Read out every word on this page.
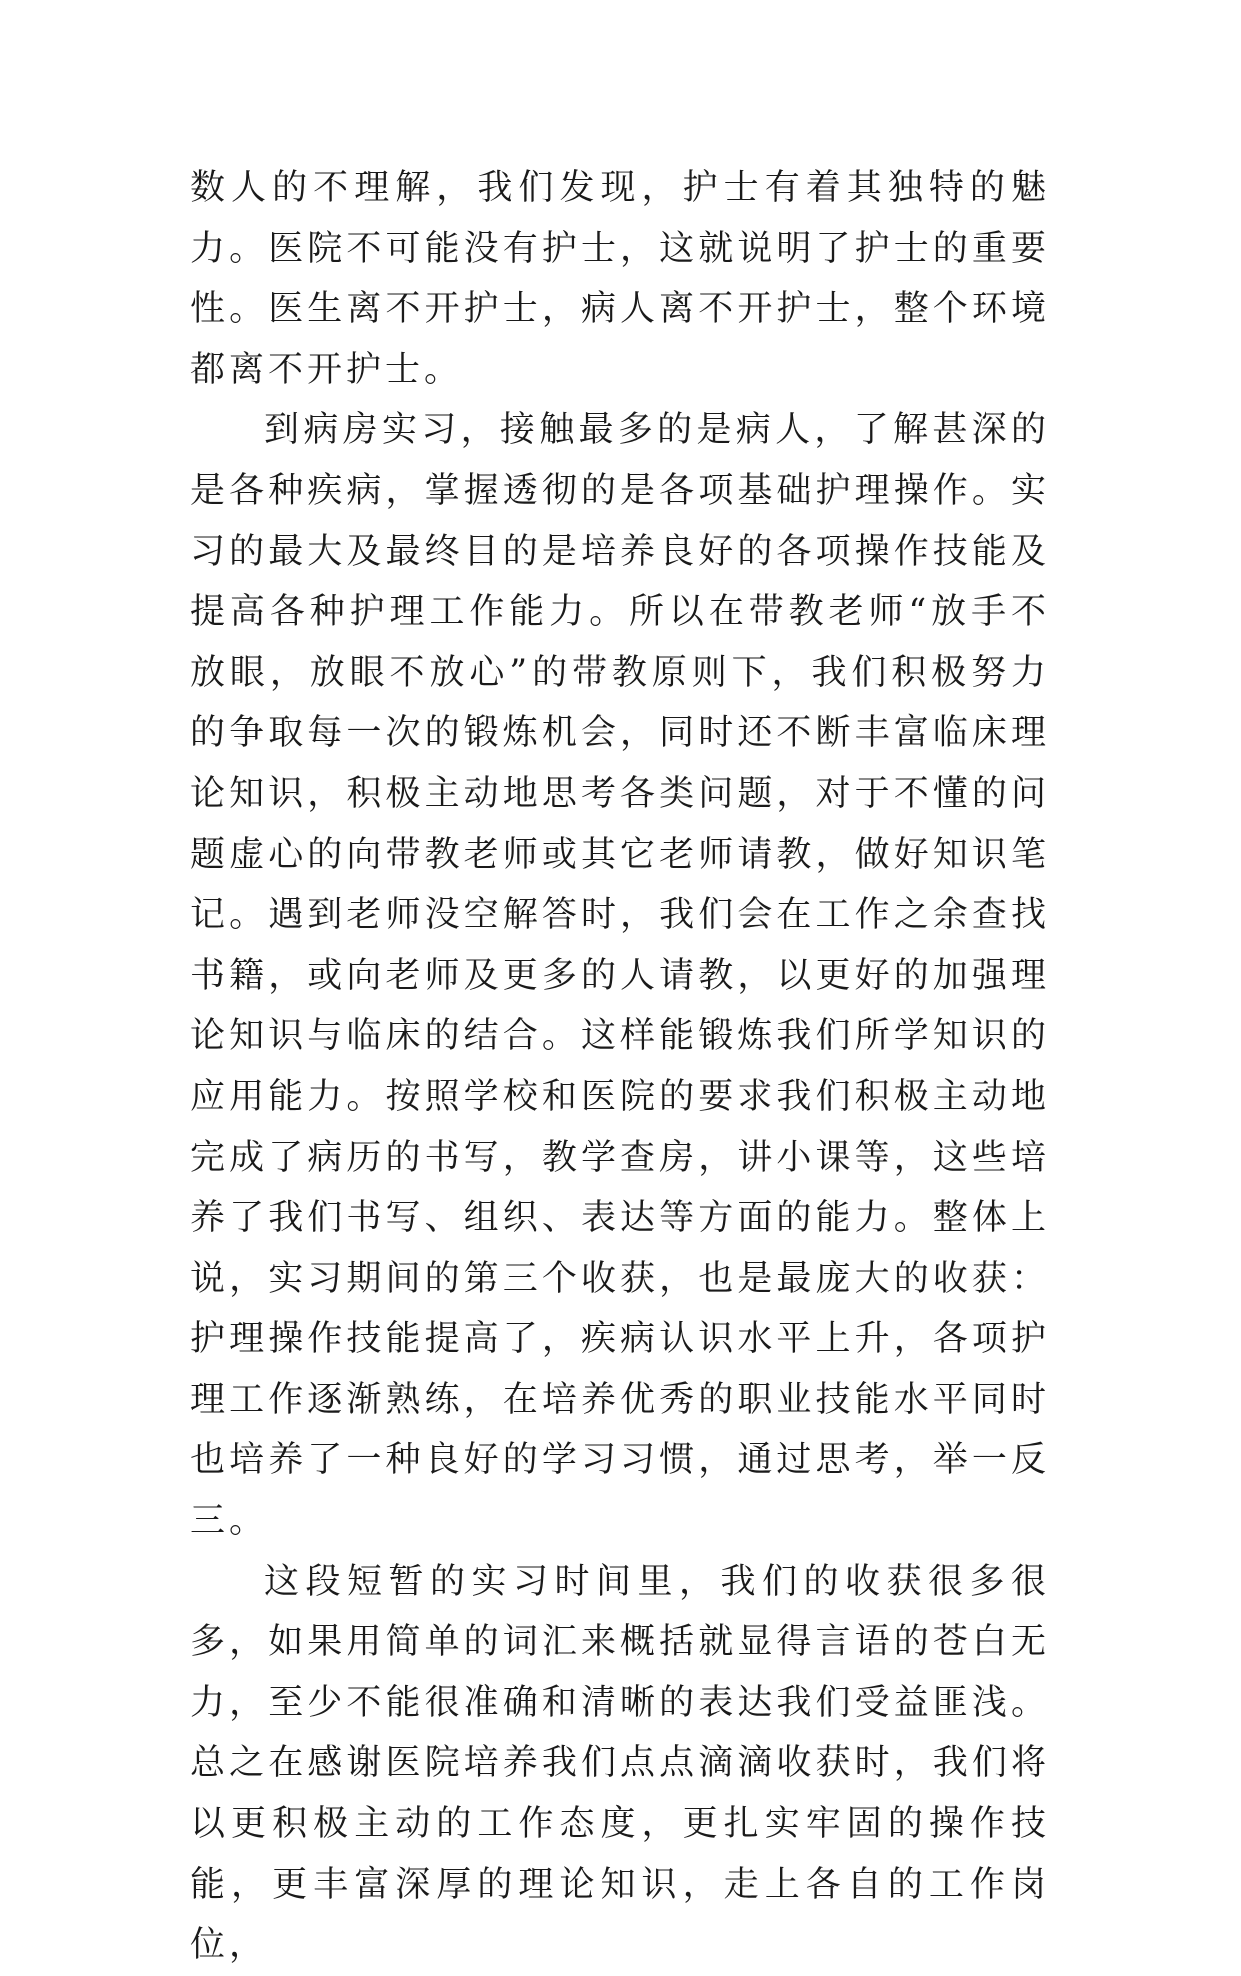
数人的不理解，我们发现，护士有着其独特的魅力。医院不可能没有护士，这就说明了护士的重要性。医生离不开护士，病人离不开护士，整个环境都离不开护士。

到病房实习，接触最多的是病人，了解甚深的是各种疾病，掌握透彻的是各项基础护理操作。实习的最大及最终目的是培养良好的各项操作技能及提高各种护理工作能力。所以在带教老师“放手不放眼，放眼不放心”的带教原则下，我们积极努力的争取每一次的锻炼机会，同时还不断丰富临床理论知识，积极主动地思考各类问题，对于不懂的问题虚心的向带教老师或其它老师请教，做好知识笔记。遇到老师没空解答时，我们会在工作之余查找书籍，或向老师及更多的人请教，以更好的加强理论知识与临床的结合。这样能锻炼我们所学知识的应用能力。按照学校和医院的要求我们积极主动地完成了病历的书写，教学查房，讲小课等，这些培养了我们书写、组织、表达等方面的能力。整体上说，实习期间的第三个收获，也是最庞大的收获：护理操作技能提高了，疾病认识水平上升，各项护理工作逐渐熟练，在培养优秀的职业技能水平同时也培养了一种良好的学习习惯，通过思考，举一反三。

这段短暂的实习时间里，我们的收获很多很多，如果用简单的词汇来概括就显得言语的苍白无力，至少不能很准确和清晰的表达我们受益匪浅。总之在感谢医院培养我们点点滴滴收获时，我们将以更积极主动的工作态度，更扎实牢固的操作技能，更丰富深厚的理论知识，走上各自的工作岗位，
